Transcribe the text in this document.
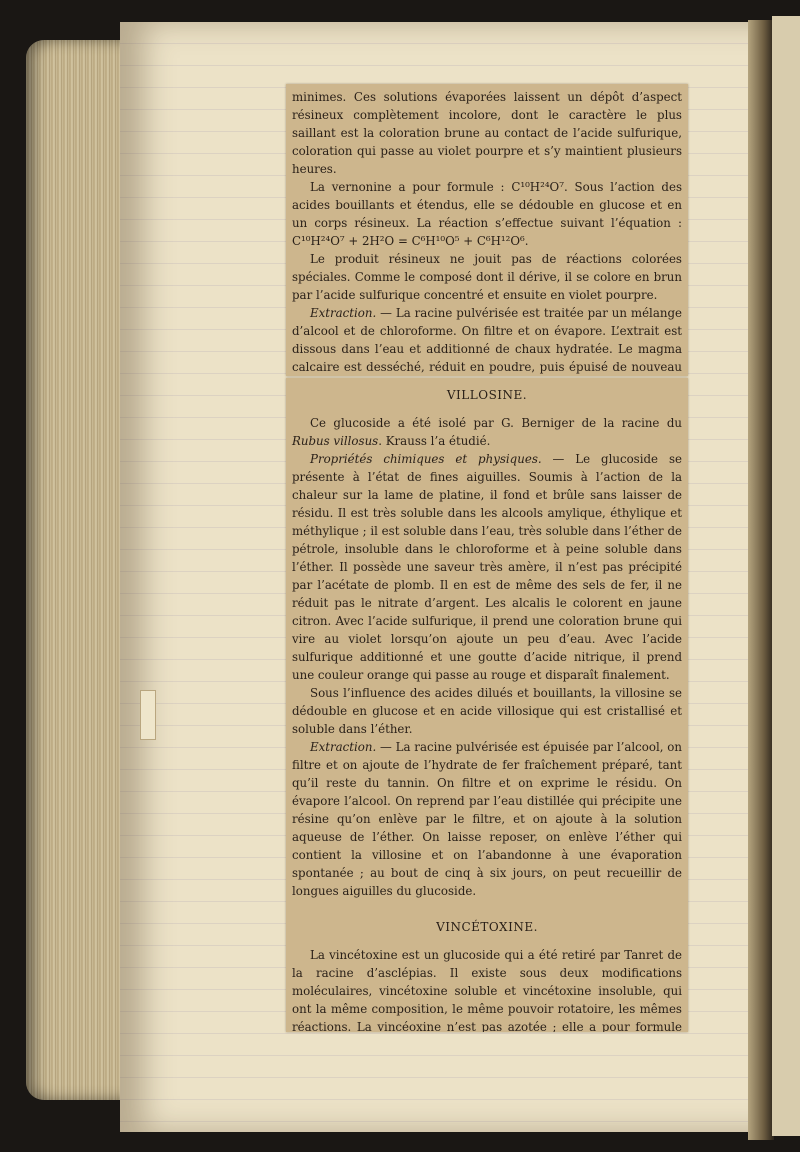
minimes. Ces solutions évaporées laissent un dépôt d’aspect résineux complètement incolore, dont le caractère le plus saillant est la coloration brune au contact de l’acide sulfurique, coloration qui passe au violet pourpre et s’y maintient plusieurs heures.

La vernonine a pour formule : C¹⁰H²⁴O⁷. Sous l’action des acides bouillants et étendus, elle se dédouble en glucose et en un corps résineux. La réaction s’effectue suivant l’équation : C¹⁰H²⁴O⁷ + 2H²O = C⁶H¹⁰O⁵ + C⁶H¹²O⁶.

Le produit résineux ne jouit pas de réactions colorées spéciales. Comme le composé dont il dérive, il se colore en brun par l’acide sulfurique concentré et ensuite en violet pourpre.

Extraction. — La racine pulvérisée est traitée par un mélange d’alcool et de chloroforme. On filtre et on évapore. L’extrait est dissous dans l’eau et additionné de chaux hydratée. Le magma calcaire est desséché, réduit en poudre, puis épuisé de nouveau

VILLOSINE.

Ce glucoside a été isolé par G. Berniger de la racine du Rubus villosus. Krauss l’a étudié.

Propriétés chimiques et physiques. — Le glucoside se présente à l’état de fines aiguilles. Soumis à l’action de la chaleur sur la lame de platine, il fond et brûle sans laisser de résidu. Il est très soluble dans les alcools amylique, éthylique et méthylique ; il est soluble dans l’eau, très soluble dans l’éther de pétrole, insoluble dans le chloroforme et à peine soluble dans l’éther. Il possède une saveur très amère, il n’est pas précipité par l’acétate de plomb. Il en est de même des sels de fer, il ne réduit pas le nitrate d’argent. Les alcalis le colorent en jaune citron. Avec l’acide sulfurique, il prend une coloration brune qui vire au violet lorsqu’on ajoute un peu d’eau. Avec l’acide sulfurique additionné et une goutte d’acide nitrique, il prend une couleur orange qui passe au rouge et disparaît finalement.

Sous l’influence des acides dilués et bouillants, la villosine se dédouble en glucose et en acide villosique qui est cristallisé et soluble dans l’éther.

Extraction. — La racine pulvérisée est épuisée par l’alcool, on filtre et on ajoute de l’hydrate de fer fraîchement préparé, tant qu’il reste du tannin. On filtre et on exprime le résidu. On évapore l’alcool. On reprend par l’eau distillée qui précipite une résine qu’on enlève par le filtre, et on ajoute à la solution aqueuse de l’éther. On laisse reposer, on enlève l’éther qui contient la villosine et on l’abandonne à une évaporation spontanée ; au bout de cinq à six jours, on peut recueillir de longues aiguilles du glucoside.

VINCÉTOXINE.

La vincétoxine est un glucoside qui a été retiré par Tanret de la racine d’asclépias. Il existe sous deux modifications moléculaires, vincétoxine soluble et vincétoxine insoluble, qui ont la même composition, le même pouvoir rotatoire, les mêmes réactions. La vincéoxine n’est pas azotée ; elle a pour formule
